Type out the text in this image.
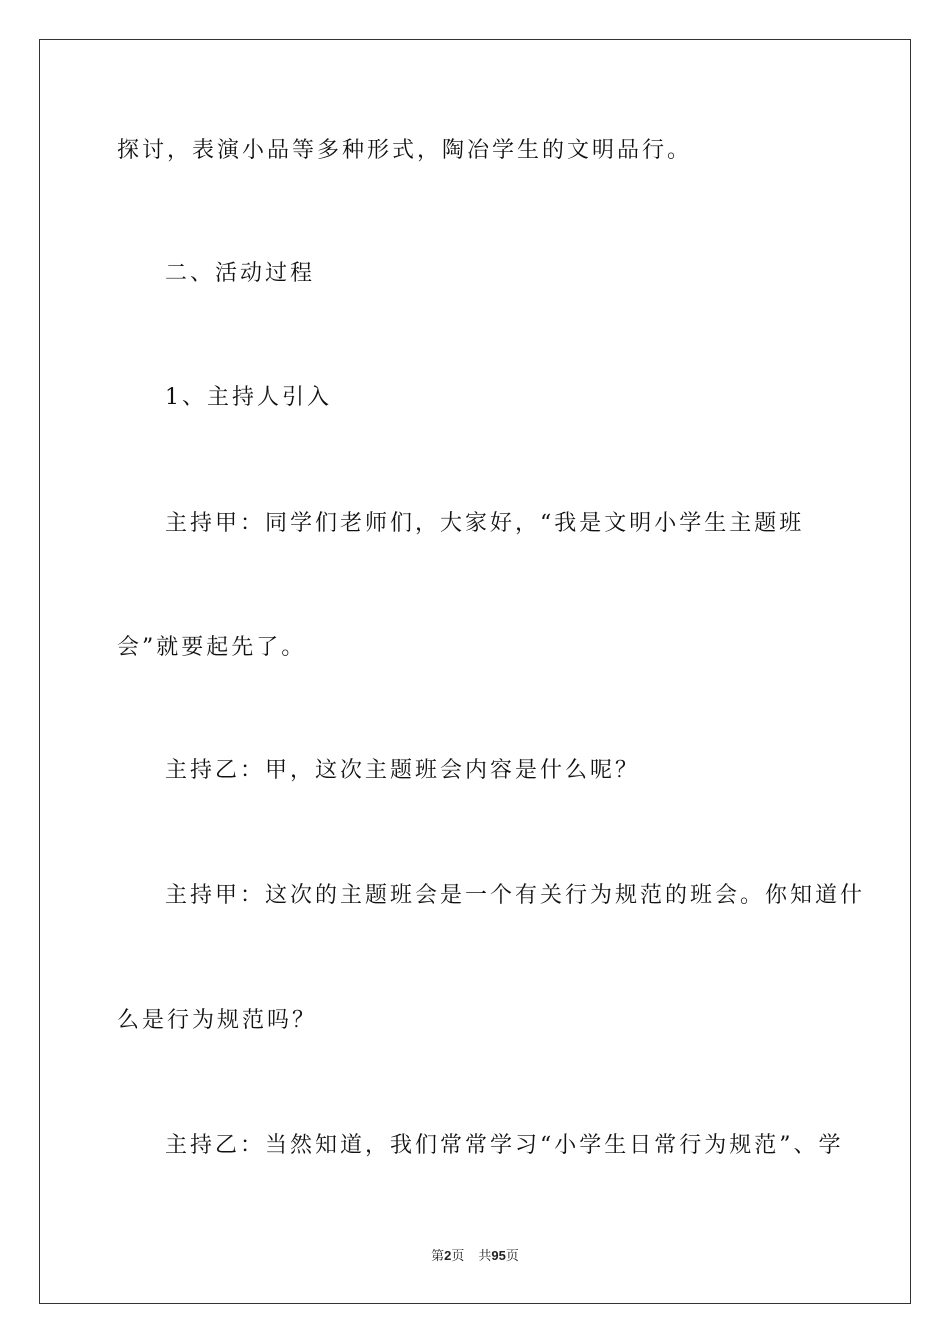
探讨，表演小品等多种形式，陶冶学生的文明品行。
二、活动过程
1、主持人引入
主持甲：同学们老师们，大家好，“我是文明小学生主题班
会”就要起先了。
主持乙：甲，这次主题班会内容是什么呢？
主持甲：这次的主题班会是一个有关行为规范的班会。你知道什
么是行为规范吗？
主持乙：当然知道，我们常常学习“小学生日常行为规范”、学
第2页 共95页
